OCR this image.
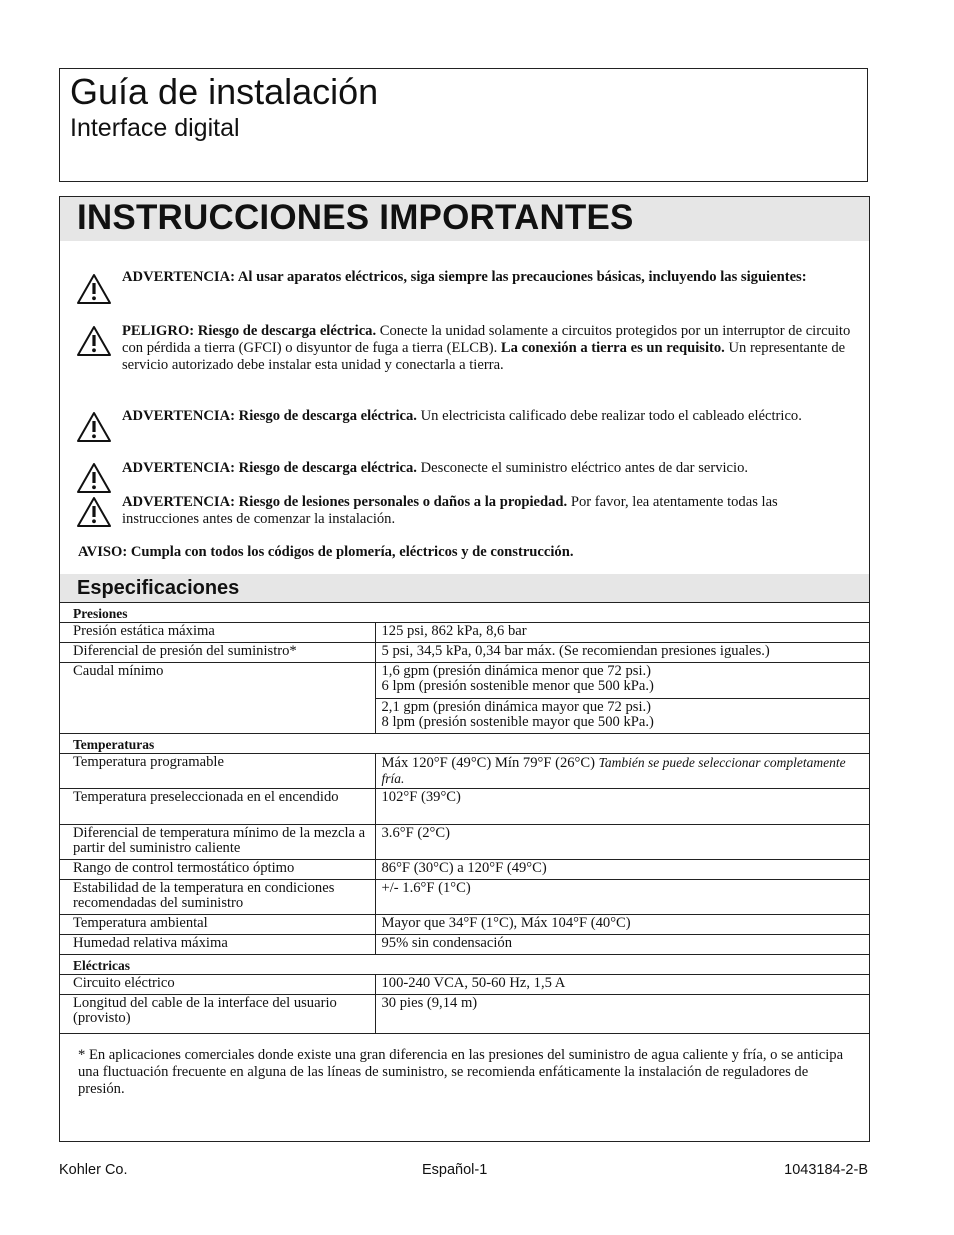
Guía de instalación
Interface digital
INSTRUCCIONES IMPORTANTES
ADVERTENCIA: Al usar aparatos eléctricos, siga siempre las precauciones básicas, incluyendo las siguientes:
PELIGRO: Riesgo de descarga eléctrica. Conecte la unidad solamente a circuitos protegidos por un interruptor de circuito con pérdida a tierra (GFCI) o disyuntor de fuga a tierra (ELCB). La conexión a tierra es un requisito. Un representante de servicio autorizado debe instalar esta unidad y conectarla a tierra.
ADVERTENCIA: Riesgo de descarga eléctrica. Un electricista calificado debe realizar todo el cableado eléctrico.
ADVERTENCIA: Riesgo de descarga eléctrica. Desconecte el suministro eléctrico antes de dar servicio.
ADVERTENCIA: Riesgo de lesiones personales o daños a la propiedad. Por favor, lea atentamente todas las instrucciones antes de comenzar la instalación.
AVISO: Cumpla con todos los códigos de plomería, eléctricos y de construcción.
Especificaciones
Presiones	
Presión estática máxima	125 psi, 862 kPa, 8,6 bar
Diferencial de presión del suministro*	5 psi, 34,5 kPa, 0,34 bar máx. (Se recomiendan presiones iguales.)
Caudal mínimo	1,6 gpm (presión dinámica menor que 72 psi.)
6 lpm (presión sostenible menor que 500 kPa.)

	2,1 gpm (presión dinámica mayor que 72 psi.)
8 lpm (presión sostenible mayor que 500 kPa.)

Temperaturas	
Temperatura programable	Máx 120°F (49°C) Mín 79°F (26°C) También se puede seleccionar completamente fría.
Temperatura preseleccionada en el encendido	102°F (39°C)
Diferencial de temperatura mínimo de la mezcla a partir del suministro caliente	3.6°F (2°C)
Rango de control termostático óptimo	86°F (30°C) a 120°F (49°C)
Estabilidad de la temperatura en condiciones recomendadas del suministro	+/- 1.6°F (1°C)
Temperatura ambiental	Mayor que 34°F (1°C), Máx 104°F (40°C)
Humedad relativa máxima	95% sin condensación
Eléctricas	
Circuito eléctrico	100-240 VCA, 50-60 Hz, 1,5 A
Longitud del cable de la interface del usuario (provisto)	30 pies (9,14 m)
* En aplicaciones comerciales donde existe una gran diferencia en las presiones del suministro de agua caliente y fría, o se anticipa una fluctuación frecuente en alguna de las líneas de suministro, se recomienda enfáticamente la instalación de reguladores de presión.
Kohler Co.	Español-1	1043184-2-B
